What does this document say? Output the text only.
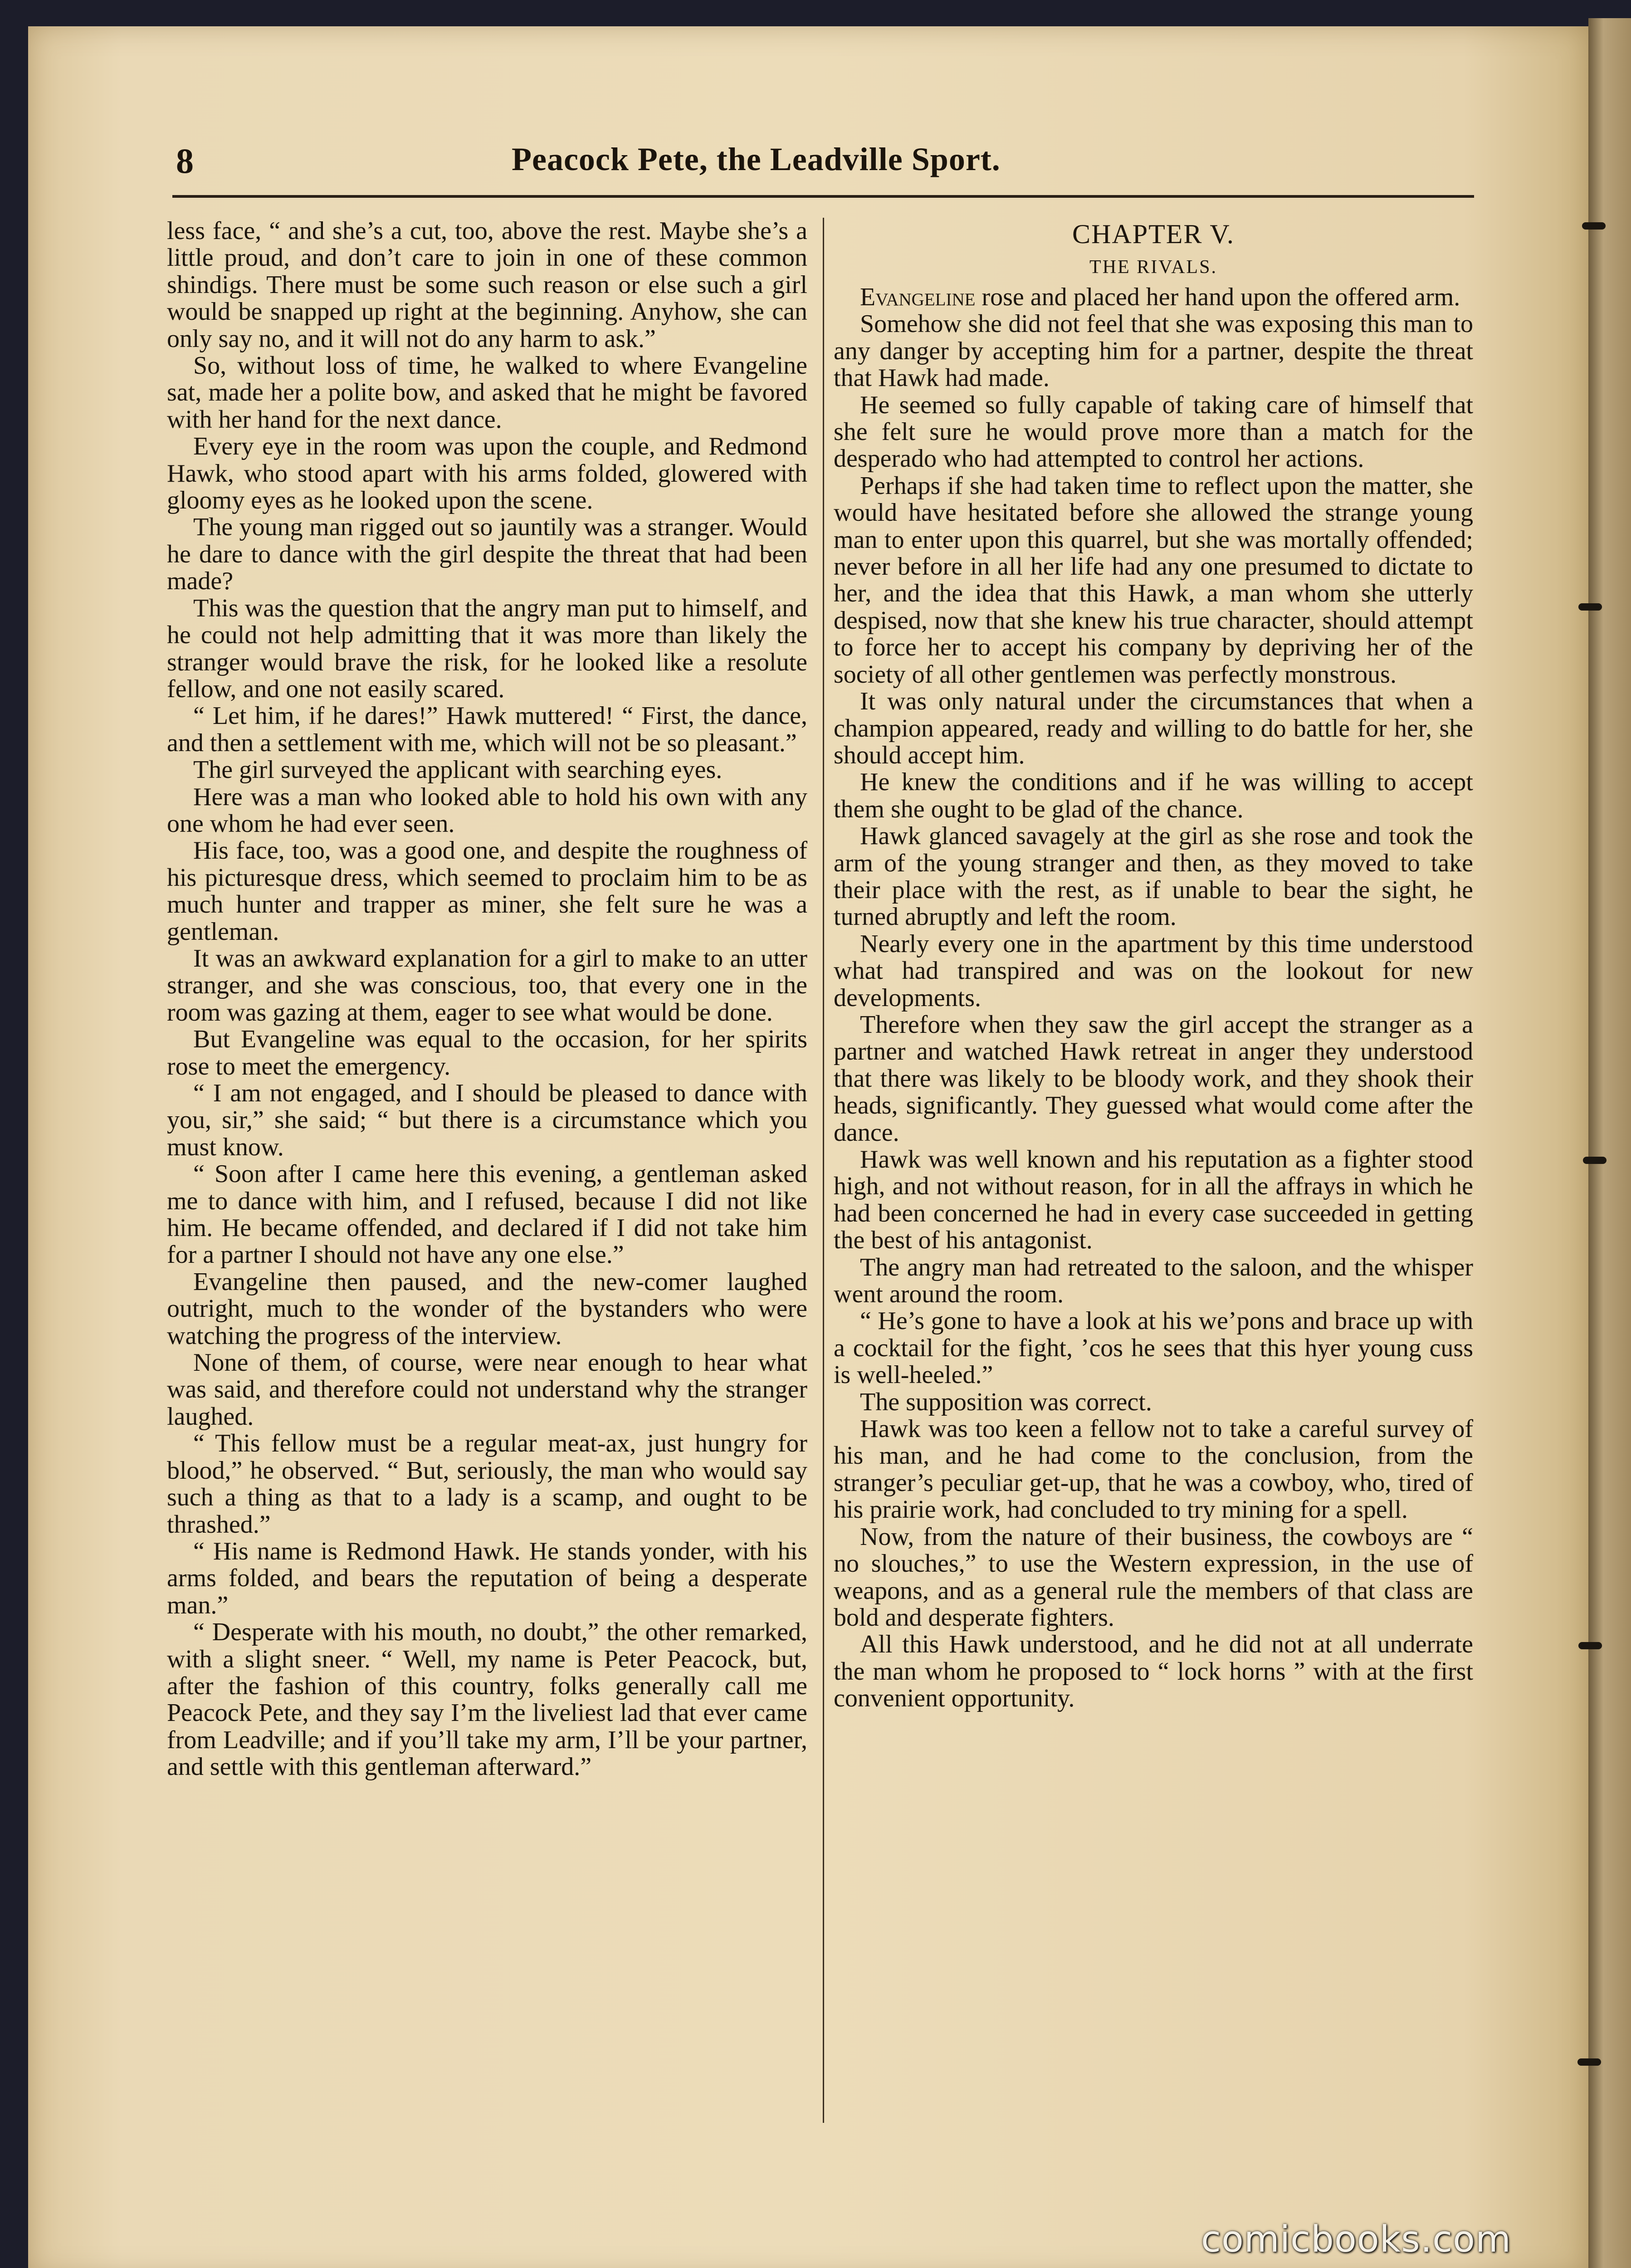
8	Peacock Pete, the Leadville Sport.

less face, “ and she’s a cut, too, above the rest. Maybe she’s a little proud, and don’t care to join in one of these common shindigs. There must be some such reason or else such a girl would be snapped up right at the beginning. Anyhow, she can only say no, and it will not do any harm to ask.”

So, without loss of time, he walked to where Evangeline sat, made her a polite bow, and asked that he might be favored with her hand for the next dance.

Every eye in the room was upon the couple, and Redmond Hawk, who stood apart with his arms folded, glowered with gloomy eyes as he looked upon the scene.

The young man rigged out so jauntily was a stranger. Would he dare to dance with the girl despite the threat that had been made?

This was the question that the angry man put to himself, and he could not help admitting that it was more than likely the stranger would brave the risk, for he looked like a resolute fellow, and one not easily scared.

“ Let him, if he dares!” Hawk muttered! “ First, the dance, and then a settlement with me, which will not be so pleasant.”

The girl surveyed the applicant with searching eyes.

Here was a man who looked able to hold his own with any one whom he had ever seen.

His face, too, was a good one, and despite the roughness of his picturesque dress, which seemed to proclaim him to be as much hunter and trapper as miner, she felt sure he was a gentleman.

It was an awkward explanation for a girl to make to an utter stranger, and she was conscious, too, that every one in the room was gazing at them, eager to see what would be done.

But Evangeline was equal to the occasion, for her spirits rose to meet the emergency.

“ I am not engaged, and I should be pleased to dance with you, sir,” she said; “ but there is a circumstance which you must know.

“ Soon after I came here this evening, a gentleman asked me to dance with him, and I refused, because I did not like him. He became offended, and declared if I did not take him for a partner I should not have any one else.”

Evangeline then paused, and the new-comer laughed outright, much to the wonder of the bystanders who were watching the progress of the interview.

None of them, of course, were near enough to hear what was said, and therefore could not understand why the stranger laughed.

“ This fellow must be a regular meat-ax, just hungry for blood,” he observed. “ But, seriously, the man who would say such a thing as that to a lady is a scamp, and ought to be thrashed.”

“ His name is Redmond Hawk. He stands yonder, with his arms folded, and bears the reputation of being a desperate man.”

“ Desperate with his mouth, no doubt,” the other remarked, with a slight sneer. “ Well, my name is Peter Peacock, but, after the fashion of this country, folks generally call me Peacock Pete, and they say I’m the liveliest lad that ever came from Leadville; and if you’ll take my arm, I’ll be your partner, and settle with this gentleman afterward.”

CHAPTER V.

THE RIVALS.

Evangeline rose and placed her hand upon the offered arm.

Somehow she did not feel that she was exposing this man to any danger by accepting him for a partner, despite the threat that Hawk had made.

He seemed so fully capable of taking care of himself that she felt sure he would prove more than a match for the desperado who had attempted to control her actions.

Perhaps if she had taken time to reflect upon the matter, she would have hesitated before she allowed the strange young man to enter upon this quarrel, but she was mortally offended; never before in all her life had any one presumed to dictate to her, and the idea that this Hawk, a man whom she utterly despised, now that she knew his true character, should attempt to force her to accept his company by depriving her of the society of all other gentlemen was perfectly monstrous.

It was only natural under the circumstances that when a champion appeared, ready and willing to do battle for her, she should accept him.

He knew the conditions and if he was willing to accept them she ought to be glad of the chance.

Hawk glanced savagely at the girl as she rose and took the arm of the young stranger and then, as they moved to take their place with the rest, as if unable to bear the sight, he turned abruptly and left the room.

Nearly every one in the apartment by this time understood what had transpired and was on the lookout for new developments.

Therefore when they saw the girl accept the stranger as a partner and watched Hawk retreat in anger they understood that there was likely to be bloody work, and they shook their heads, significantly. They guessed what would come after the dance.

Hawk was well known and his reputation as a fighter stood high, and not without reason, for in all the affrays in which he had been concerned he had in every case succeeded in getting the best of his antagonist.

The angry man had retreated to the saloon, and the whisper went around the room.

“ He’s gone to have a look at his we’pons and brace up with a cocktail for the fight, ’cos he sees that this hyer young cuss is well-heeled.”

The supposition was correct.

Hawk was too keen a fellow not to take a careful survey of his man, and he had come to the conclusion, from the stranger’s peculiar get-up, that he was a cowboy, who, tired of his prairie work, had concluded to try mining for a spell.

Now, from the nature of their business, the cowboys are “ no slouches,” to use the Western expression, in the use of weapons, and as a general rule the members of that class are bold and desperate fighters.

All this Hawk understood, and he did not at all underrate the man whom he proposed to “ lock horns ” with at the first convenient opportunity.

comicbooks.com
